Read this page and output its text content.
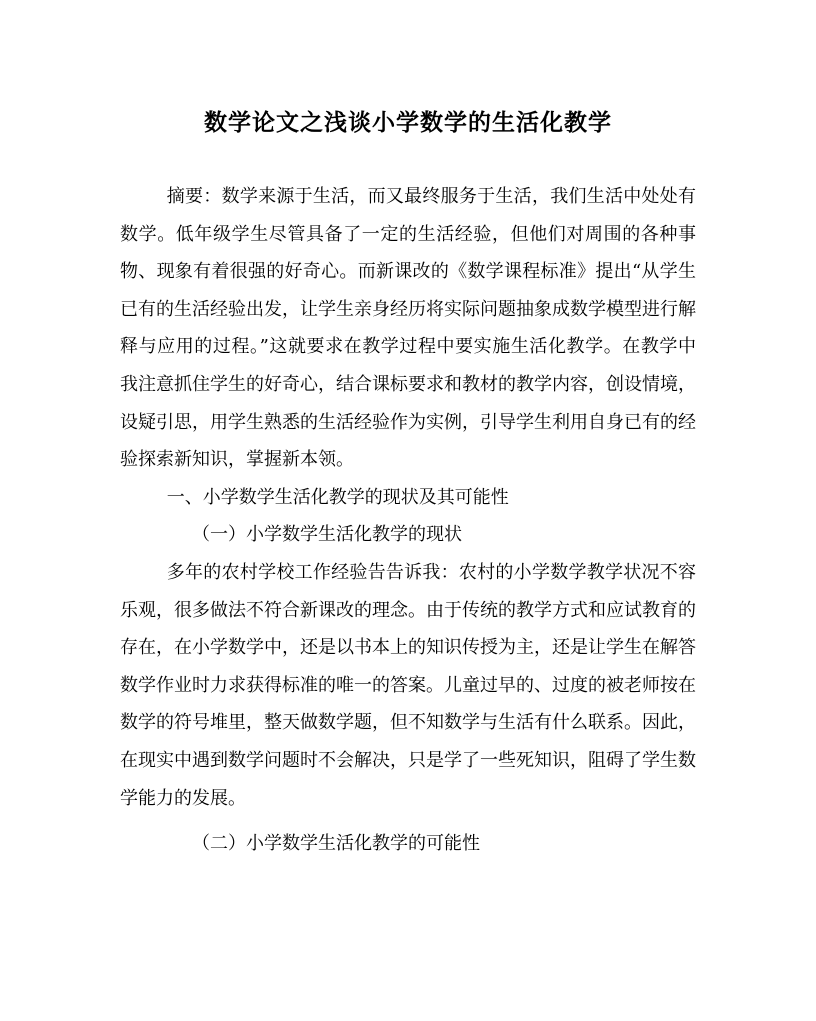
数学论文之浅谈小学数学的生活化教学

摘要：数学来源于生活，而又最终服务于生活，我们生活中处处有数学。低年级学生尽管具备了一定的生活经验，但他们对周围的各种事物、现象有着很强的好奇心。而新课改的《数学课程标准》提出“从学生已有的生活经验出发，让学生亲身经历将实际问题抽象成数学模型进行解释与应用的过程。”这就要求在教学过程中要实施生活化教学。在教学中我注意抓住学生的好奇心，结合课标要求和教材的教学内容，创设情境，设疑引思，用学生熟悉的生活经验作为实例，引导学生利用自身已有的经验探索新知识，掌握新本领。

一、小学数学生活化教学的现状及其可能性

（一）小学数学生活化教学的现状

多年的农村学校工作经验告告诉我：农村的小学数学教学状况不容乐观，很多做法不符合新课改的理念。由于传统的教学方式和应试教育的存在，在小学数学中，还是以书本上的知识传授为主，还是让学生在解答数学作业时力求获得标准的唯一的答案。儿童过早的、过度的被老师按在数学的符号堆里，整天做数学题，但不知数学与生活有什么联系。因此，在现实中遇到数学问题时不会解决，只是学了一些死知识，阻碍了学生数学能力的发展。

（二）小学数学生活化教学的可能性
